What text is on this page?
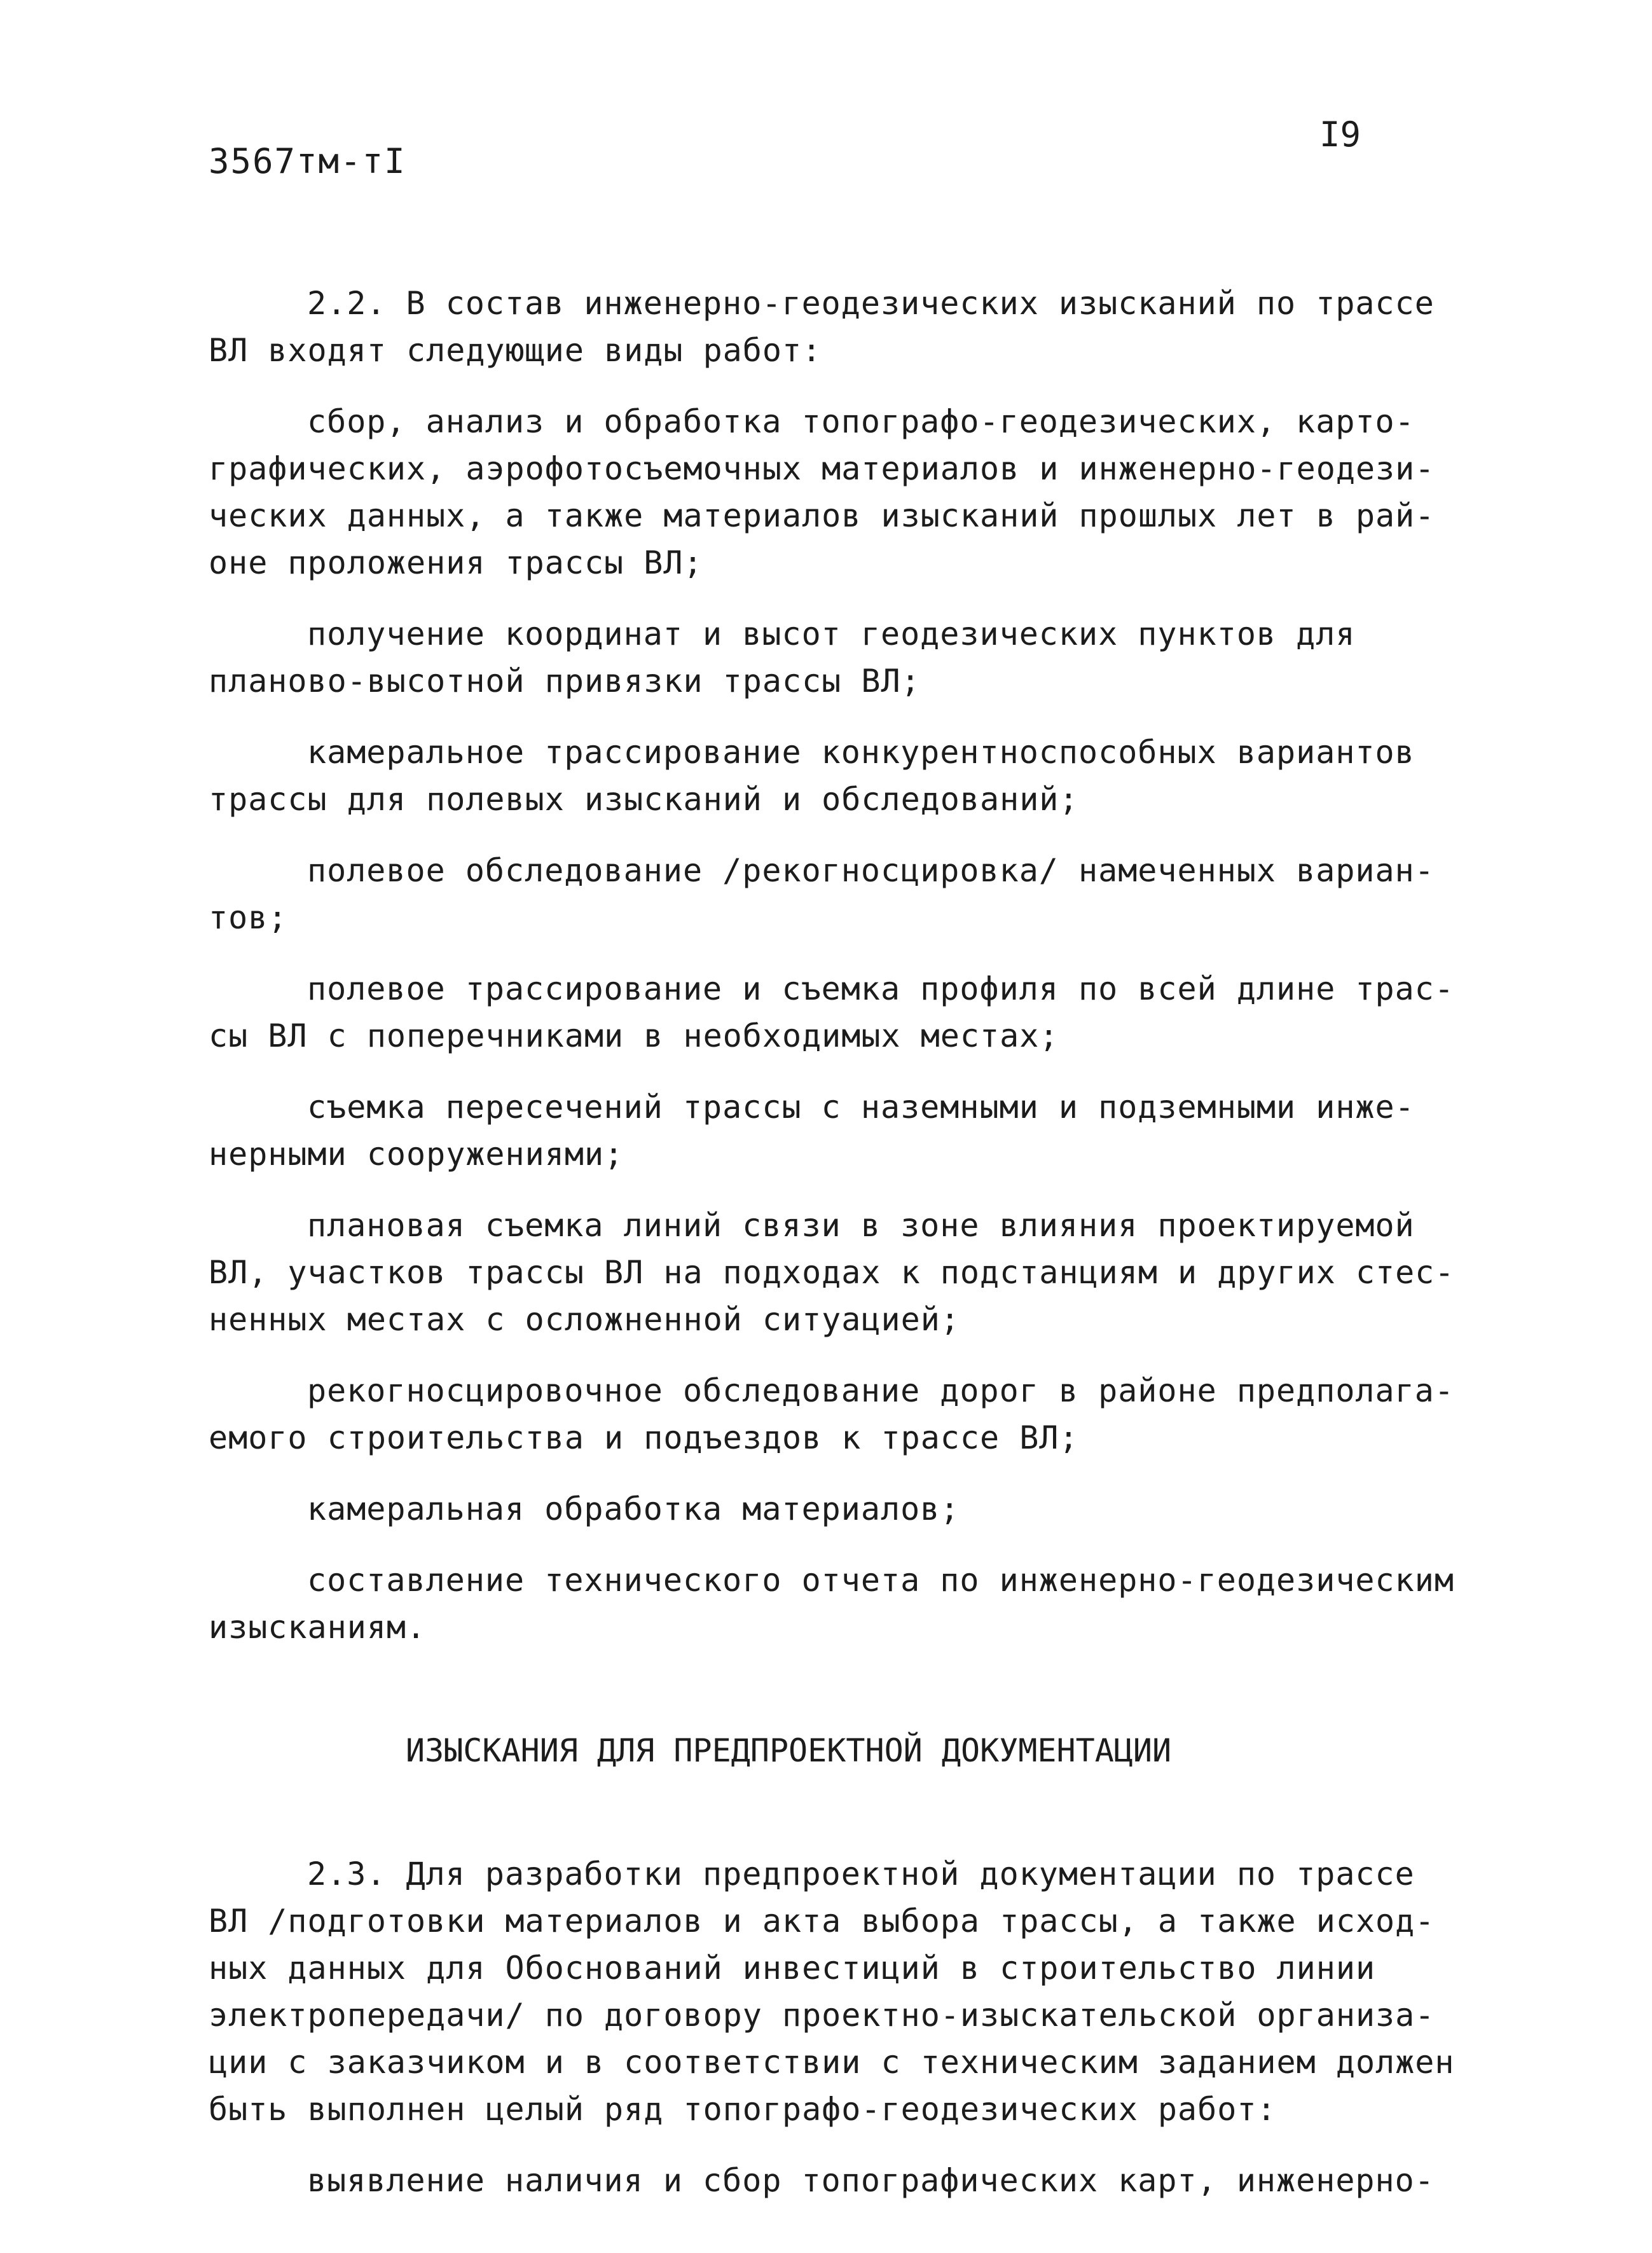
3567тм-тI
I9
2.2. В состав инженерно-геодезических изысканий по трассе
ВЛ входят следующие виды работ:
сбор, анализ и обработка топографо-геодезических, карто-
графических, аэрофотосъемочных материалов и инженерно-геодези-
ческих данных, а также материалов изысканий прошлых лет в рай-
оне проложения трассы ВЛ;
получение координат и высот геодезических пунктов для
планово-высотной привязки трассы ВЛ;
камеральное трассирование конкурентноспособных вариантов
трассы для полевых изысканий и обследований;
полевое обследование /рекогносцировка/ намеченных вариан-
тов;
полевое трассирование и съемка профиля по всей длине трас-
сы ВЛ с поперечниками в необходимых местах;
съемка пересечений трассы с наземными и подземными инже-
нерными сооружениями;
плановая съемка линий связи в зоне влияния проектируемой
ВЛ, участков трассы ВЛ на подходах к подстанциям и других стес-
ненных местах с осложненной ситуацией;
рекогносцировочное обследование дорог в районе предполага-
емого строительства и подъездов к трассе ВЛ;
камеральная обработка материалов;
составление технического отчета по инженерно-геодезическим
изысканиям.
ИЗЫСКАНИЯ ДЛЯ ПРЕДПРОЕКТНОЙ ДОКУМЕНТАЦИИ
2.3. Для разработки предпроектной документации по трассе
ВЛ /подготовки материалов и акта выбора трассы, а также исход-
ных данных для Обоснований инвестиций в строительство линии
электропередачи/ по договору проектно-изыскательской организа-
ции с заказчиком и в соответствии с техническим заданием должен
быть выполнен целый ряд топографо-геодезических работ:
выявление наличия и сбор топографических карт, инженерно-
